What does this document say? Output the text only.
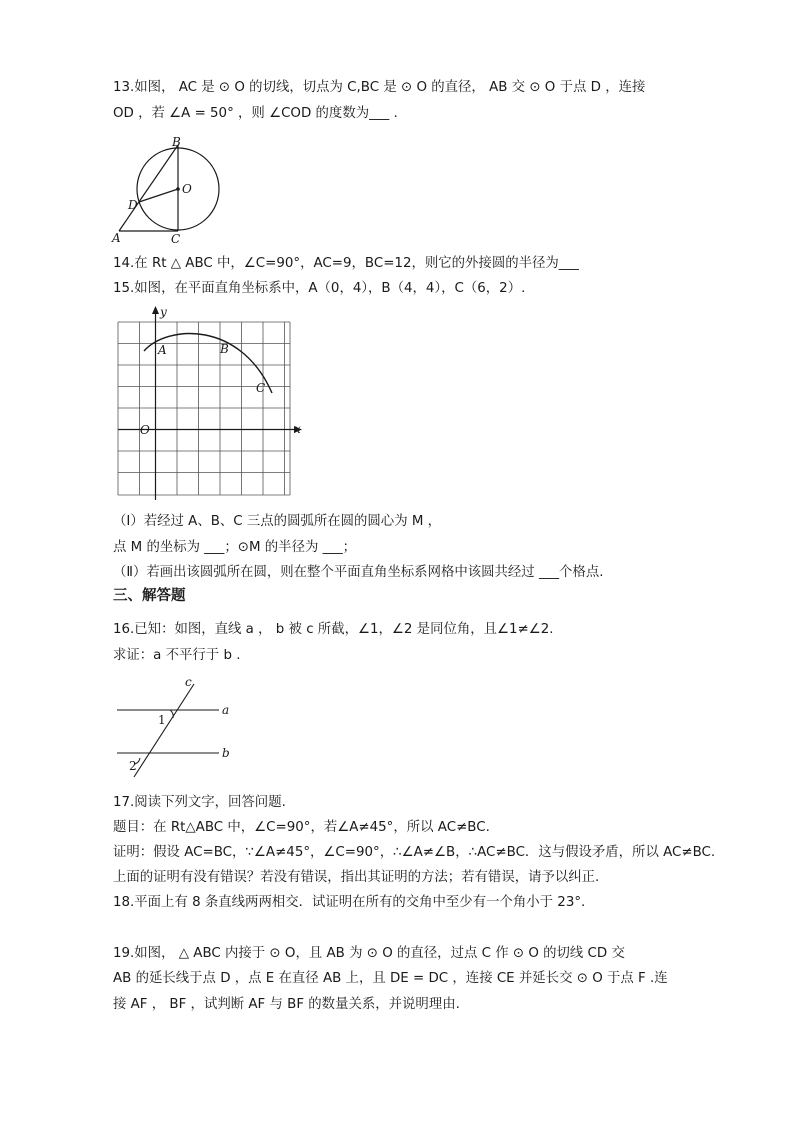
13.如图， AC 是 ⊙ O 的切线，切点为 C,BC 是 ⊙ O 的直径， AB 交 ⊙ O 于点 D ，连接
OD ，若 ∠A = 50° ，则 ∠COD 的度数为___ .
B
O
D
A	C
14.在 Rt △ ABC 中，∠C=90°，AC=9，BC=12，则它的外接圆的半径为___
15.如图，在平面直角坐标系中，A（0，4），B（4，4），C（6，2）.
y
x
O
A	B
C
（Ⅰ）若经过 A、B、C 三点的圆弧所在圆的圆心为 M ，
点 M 的坐标为 ___；⊙M 的半径为 ___；
（Ⅱ）若画出该圆弧所在圆，则在整个平面直角坐标系网格中该圆共经过 ___个格点.
三、解答题
16.已知：如图，直线 a ， b 被 c 所截，∠1，∠2 是同位角，且∠1≠∠2.
求证：a 不平行于 b .
c
a
b
1
2
17.阅读下列文字，回答问题.
题目：在 Rt△ABC 中，∠C=90°，若∠A≠45°，所以 AC≠BC.
证明：假设 AC=BC，∵∠A≠45°，∠C=90°，∴∠A≠∠B，∴AC≠BC．这与假设矛盾，所以 AC≠BC.
上面的证明有没有错误？若没有错误，指出其证明的方法；若有错误，请予以纠正.
18.平面上有 8 条直线两两相交．试证明在所有的交角中至少有一个角小于 23°.
19.如图， △ ABC 内接于 ⊙ O，且 AB 为 ⊙ O 的直径，过点 C 作 ⊙ O 的切线 CD 交
AB 的延长线于点 D ，点 E 在直径 AB 上，且 DE = DC ，连接 CE 并延长交 ⊙ O 于点 F .连
接 AF ， BF ，试判断 AF 与 BF 的数量关系，并说明理由.
